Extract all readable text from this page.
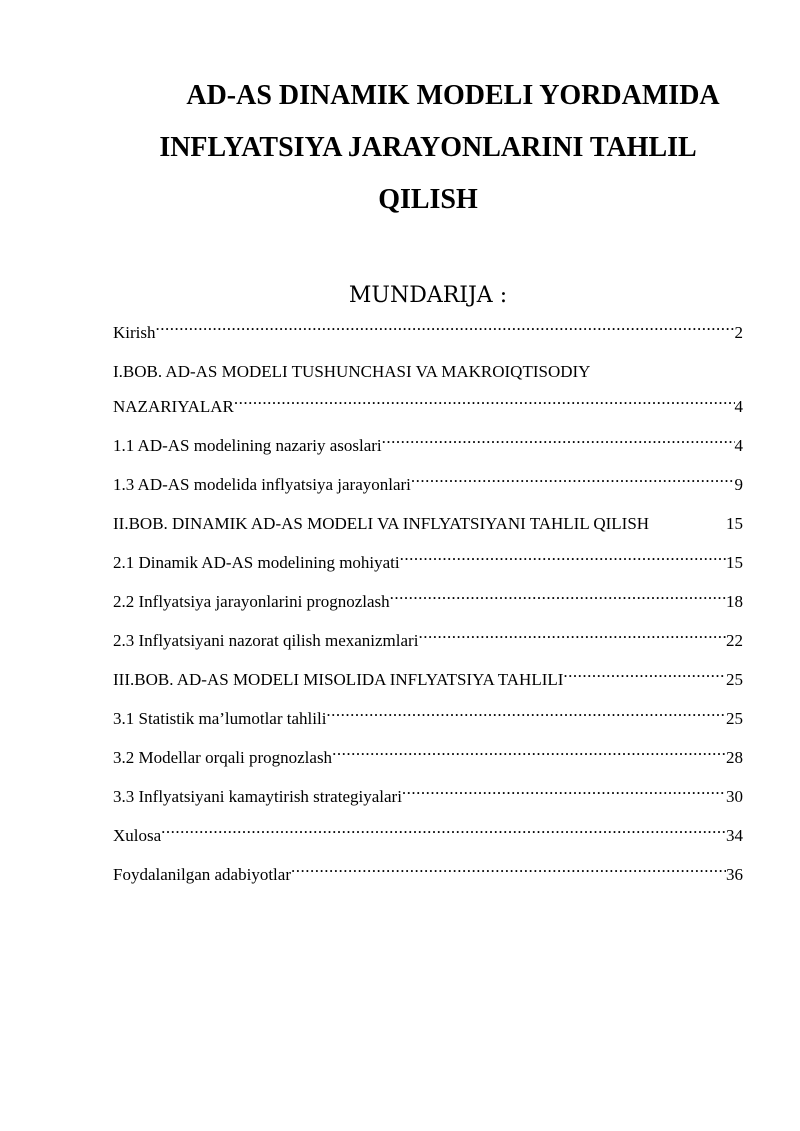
AD-AS DINAMIK MODELI YORDAMIDA
INFLYATSIYA JARAYONLARINI TAHLIL
QILISH
MUNDARIJA :
Kirish .....	2
I.BOB. AD-AS MODELI TUSHUNCHASI VA MAKROIQTISODIY
NAZARIYALAR .....	4
1.1 AD-AS modelining nazariy asoslari .....	4
1.3 AD-AS modelida inflyatsiya jarayonlari .....	9
II.BOB. DINAMIK AD-AS MODELI VA INFLYATSIYANI TAHLIL QILISH	15
2.1 Dinamik AD-AS modelining mohiyati .....	15
2.2 Inflyatsiya jarayonlarini prognozlash .....	18
2.3 Inflyatsiyani nazorat qilish mexanizmlari .....	22
III.BOB. AD-AS MODELI MISOLIDA INFLYATSIYA TAHLILI .....	25
3.1 Statistik ma’lumotlar tahlili .....	25
3.2 Modellar orqali prognozlash .....	28
3.3 Inflyatsiyani kamaytirish strategiyalari .....	30
Xulosa .....	34
Foydalanilgan adabiyotlar .....	36
